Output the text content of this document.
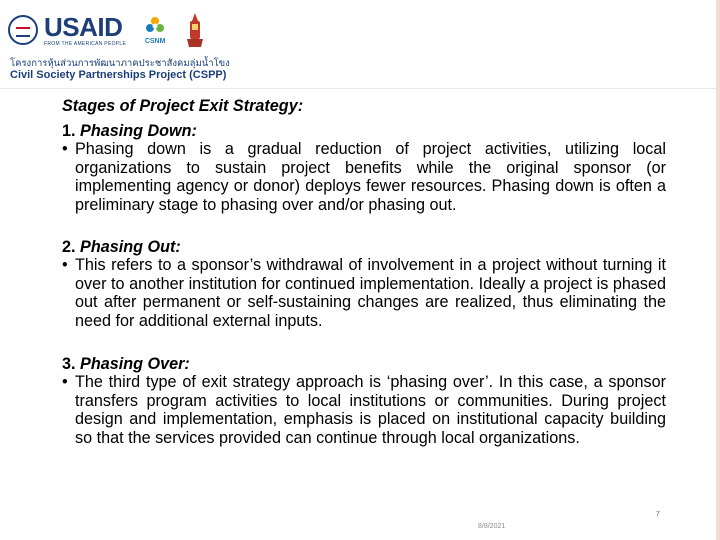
USAID
FROM THE AMERICAN PEOPLE	CSNM
โครงการหุ้นส่วนการพัฒนาภาคประชาสังคมลุ่มน้ำโขง
Civil Society Partnerships Project (CSPP)

Stages of Project Exit Strategy:

1. Phasing Down:

• Phasing down is a gradual reduction of project activities, utilizing local organizations to sustain project benefits while the original sponsor (or implementing agency or donor) deploys fewer resources. Phasing down is often a preliminary stage to phasing over and/or phasing out.

2. Phasing Out:

• This refers to a sponsor’s withdrawal of involvement in a project without turning it over to another institution for continued implementation. Ideally a project is phased out after permanent or self-sustaining changes are realized, thus eliminating the need for additional external inputs.

3. Phasing Over:

• The third type of exit strategy approach is ‘phasing over’. In this case, a sponsor transfers program activities to local institutions or communities. During project design and implementation, emphasis is placed on institutional capacity building so that the services provided can continue through local organizations.

7
8/8/2021
